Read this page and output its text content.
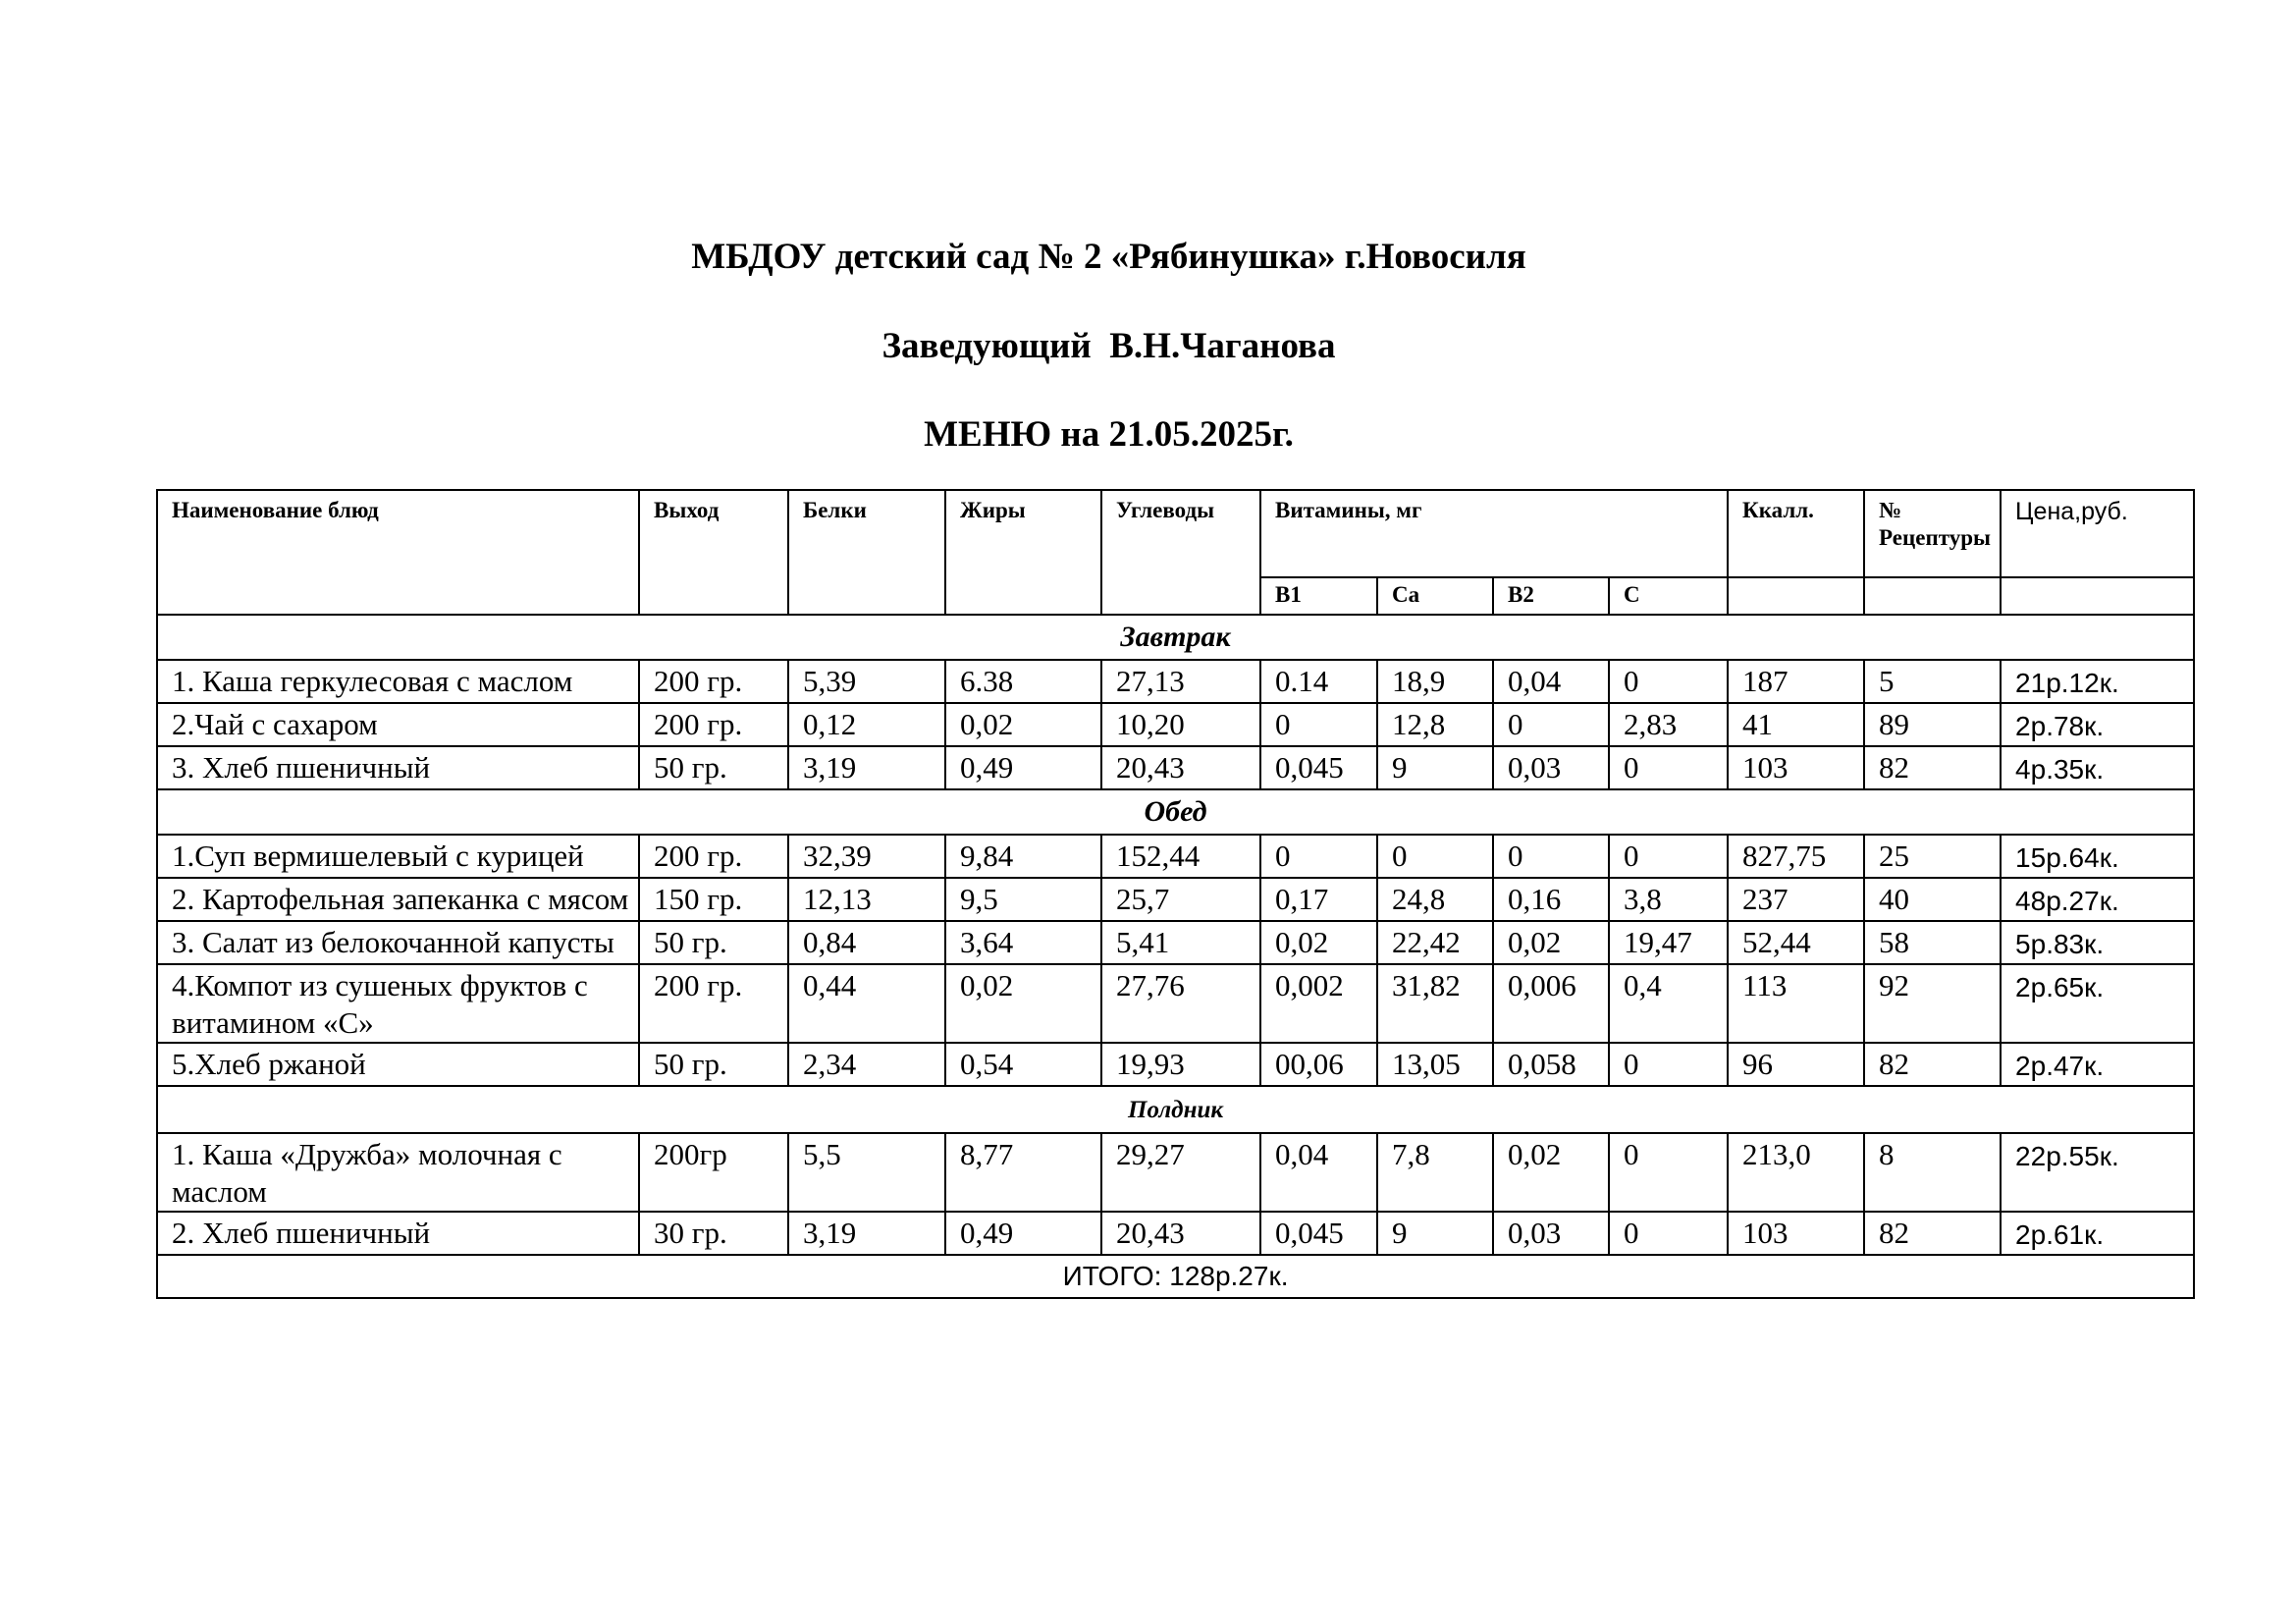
МБДОУ детский сад № 2 «Рябинушка» г.Новосиля
Заведующий  В.Н.Чаганова
МЕНЮ на 21.05.2025г.
Наименование блюд	Выход	Белки	Жиры	Углеводы	Витамины, мг				Ккалл.	№ Рецептуры	Цена,руб.
					В1	Са	В2	С			
Завтрак											
1. Каша геркулесовая с маслом	200 гр.	5,39	6.38	27,13	0.14	18,9	0,04	0	187	5	21р.12к.
2.Чай с сахаром	200 гр.	0,12	0,02	10,20	0	12,8	0	2,83	41	89	2р.78к.
3. Хлеб пшеничный	50 гр.	3,19	0,49	20,43	0,045	9	0,03	0	103	82	4р.35к.
Обед											
1.Суп вермишелевый с курицей	200 гр.	32,39	9,84	152,44	0	0	0	0	827,75	25	15р.64к.
2. Картофельная запеканка с мясом	150 гр.	12,13	9,5	25,7	0,17	24,8	0,16	3,8	237	40	48р.27к.
3. Салат из белокочанной капусты	50 гр.	0,84	3,64	5,41	0,02	22,42	0,02	19,47	52,44	58	5р.83к.
4.Компот из сушеных фруктов с витамином «С»	200 гр.	0,44	0,02	27,76	0,002	31,82	0,006	0,4	113	92	2р.65к.
5.Хлеб ржаной	50 гр.	2,34	0,54	19,93	00,06	13,05	0,058	0	96	82	2р.47к.
Полдник											
1. Каша «Дружба» молочная с маслом	200гр	5,5	8,77	29,27	0,04	7,8	0,02	0	213,0	8	22р.55к.
2. Хлеб пшеничный	30 гр.	3,19	0,49	20,43	0,045	9	0,03	0	103	82	2р.61к.
ИТОГО: 128р.27к.											
